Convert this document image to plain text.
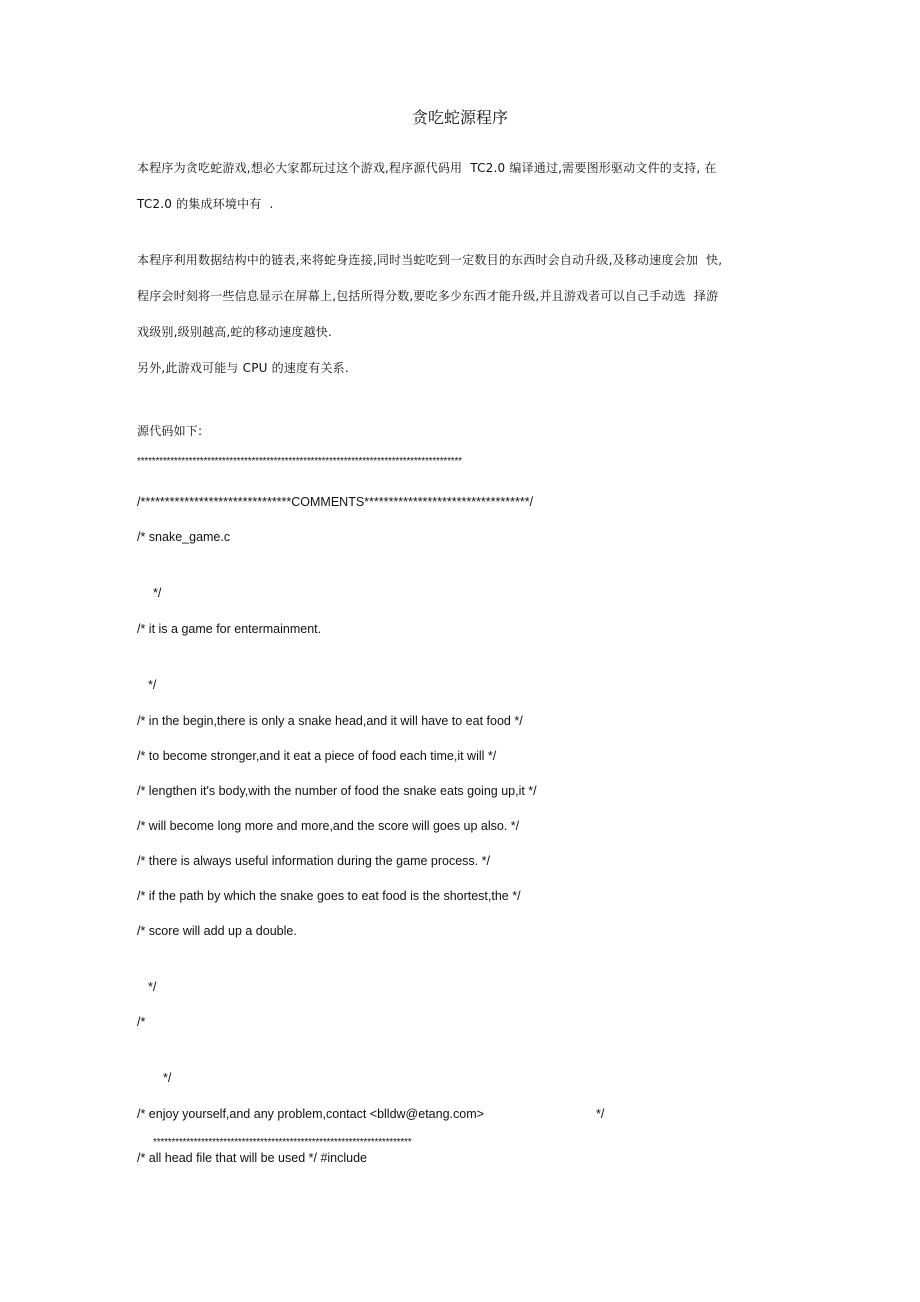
贪吃蛇源程序
本程序为贪吃蛇游戏,想必大家都玩过这个游戏,程序源代码用  TC2.0 编译通过,需要图形驱动文件的支持, 在
TC2.0 的集成环境中有  .
本程序利用数据结构中的链表,来将蛇身连接,同时当蛇吃到一定数目的东西时会自动升级,及移动速度会加  快,
程序会时刻将一些信息显示在屏幕上,包括所得分数,要吃多少东西才能升级,并且游戏者可以自己手动选  择游
戏级别,级别越高,蛇的移动速度越快.
另外,此游戏可能与 CPU 的速度有关系.
源代码如下:
****************************************************************************************
/*******************************COMMENTS**********************************/
/* snake_game.c
*/
/* it is a game for entermainment.
*/
/* in the begin,there is only a snake head,and it will have to eat food */
/* to become stronger,and it eat a piece of food each time,it will */
/* lengthen it's body,with the number of food the snake eats going up,it */
/* will become long more and more,and the score will goes up also. */
/* there is always useful information during the game process. */
/* if the path by which the snake goes to eat food is the shortest,the */
/* score will add up a double.
*/
/*
*/
/* enjoy yourself,and any problem,contact <blldw@etang.com>	*/
**********************************************************************
/* all head file that will be used */ #include
